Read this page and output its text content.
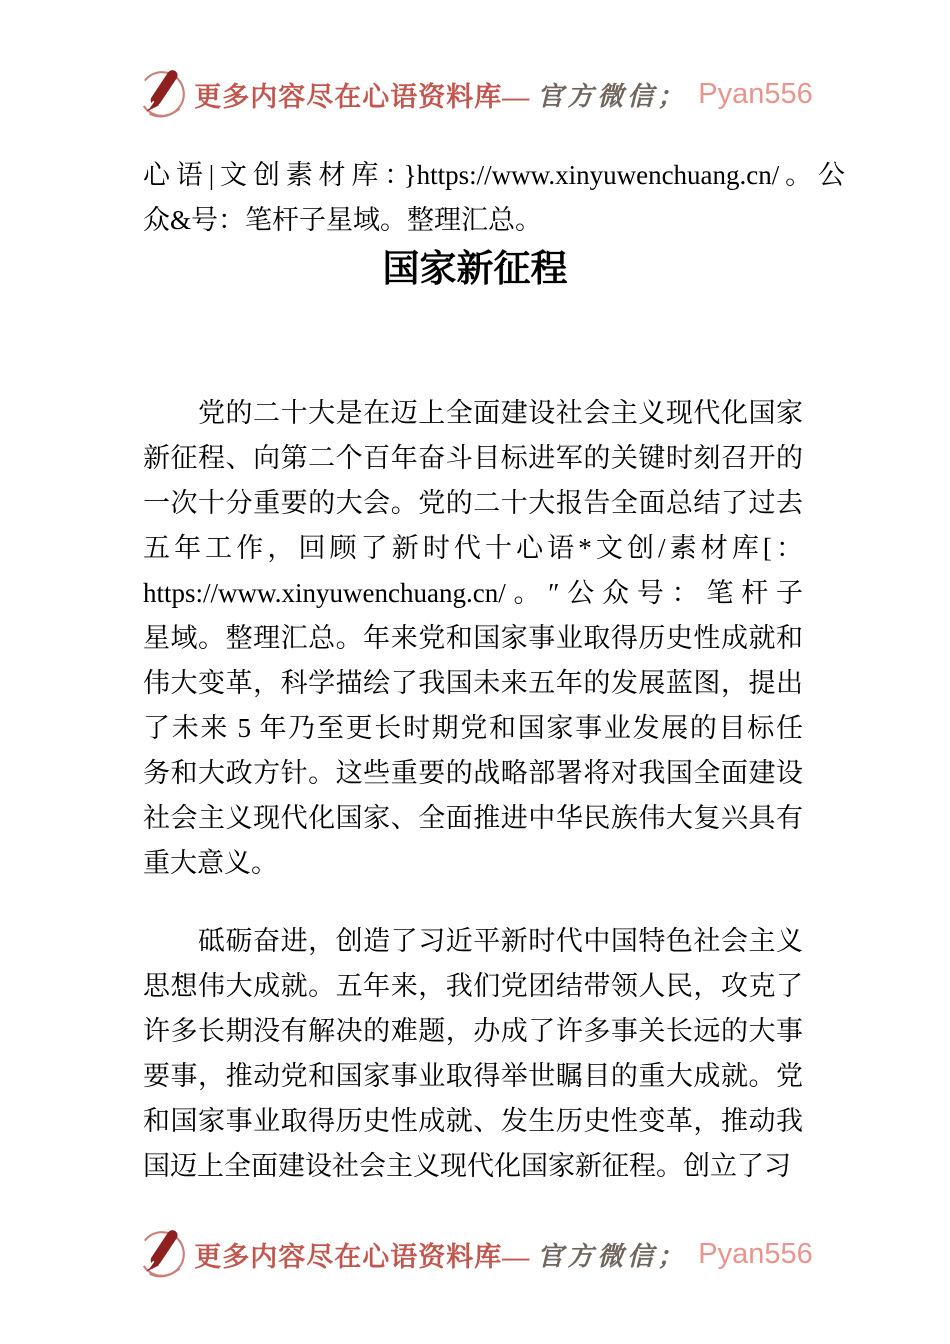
更多内容尽在心语资料库— 官方微信； Pyan556
心语|文创素材库：}https://www.xinyuwenchuang.cn/。公
众&号：笔杆子星域。整理汇总。
国家新征程
党的二十大是在迈上全面建设社会主义现代化国家
新征程、向第二个百年奋斗目标进军的关键时刻召开的
一次十分重要的大会。党的二十大报告全面总结了过去
五年工作，回顾了新时代十心语*文创/素材库[：
https://www.xinyuwenchuang.cn/。″公众号：笔杆子
星域。整理汇总。年来党和国家事业取得历史性成就和
伟大变革，科学描绘了我国未来五年的发展蓝图，提出
了未来 5 年乃至更长时期党和国家事业发展的目标任
务和大政方针。这些重要的战略部署将对我国全面建设
社会主义现代化国家、全面推进中华民族伟大复兴具有
重大意义。
砥砺奋进，创造了习近平新时代中国特色社会主义
思想伟大成就。五年来，我们党团结带领人民，攻克了
许多长期没有解决的难题，办成了许多事关长远的大事
要事，推动党和国家事业取得举世瞩目的重大成就。党
和国家事业取得历史性成就、发生历史性变革，推动我
国迈上全面建设社会主义现代化国家新征程。创立了习
更多内容尽在心语资料库— 官方微信； Pyan556
